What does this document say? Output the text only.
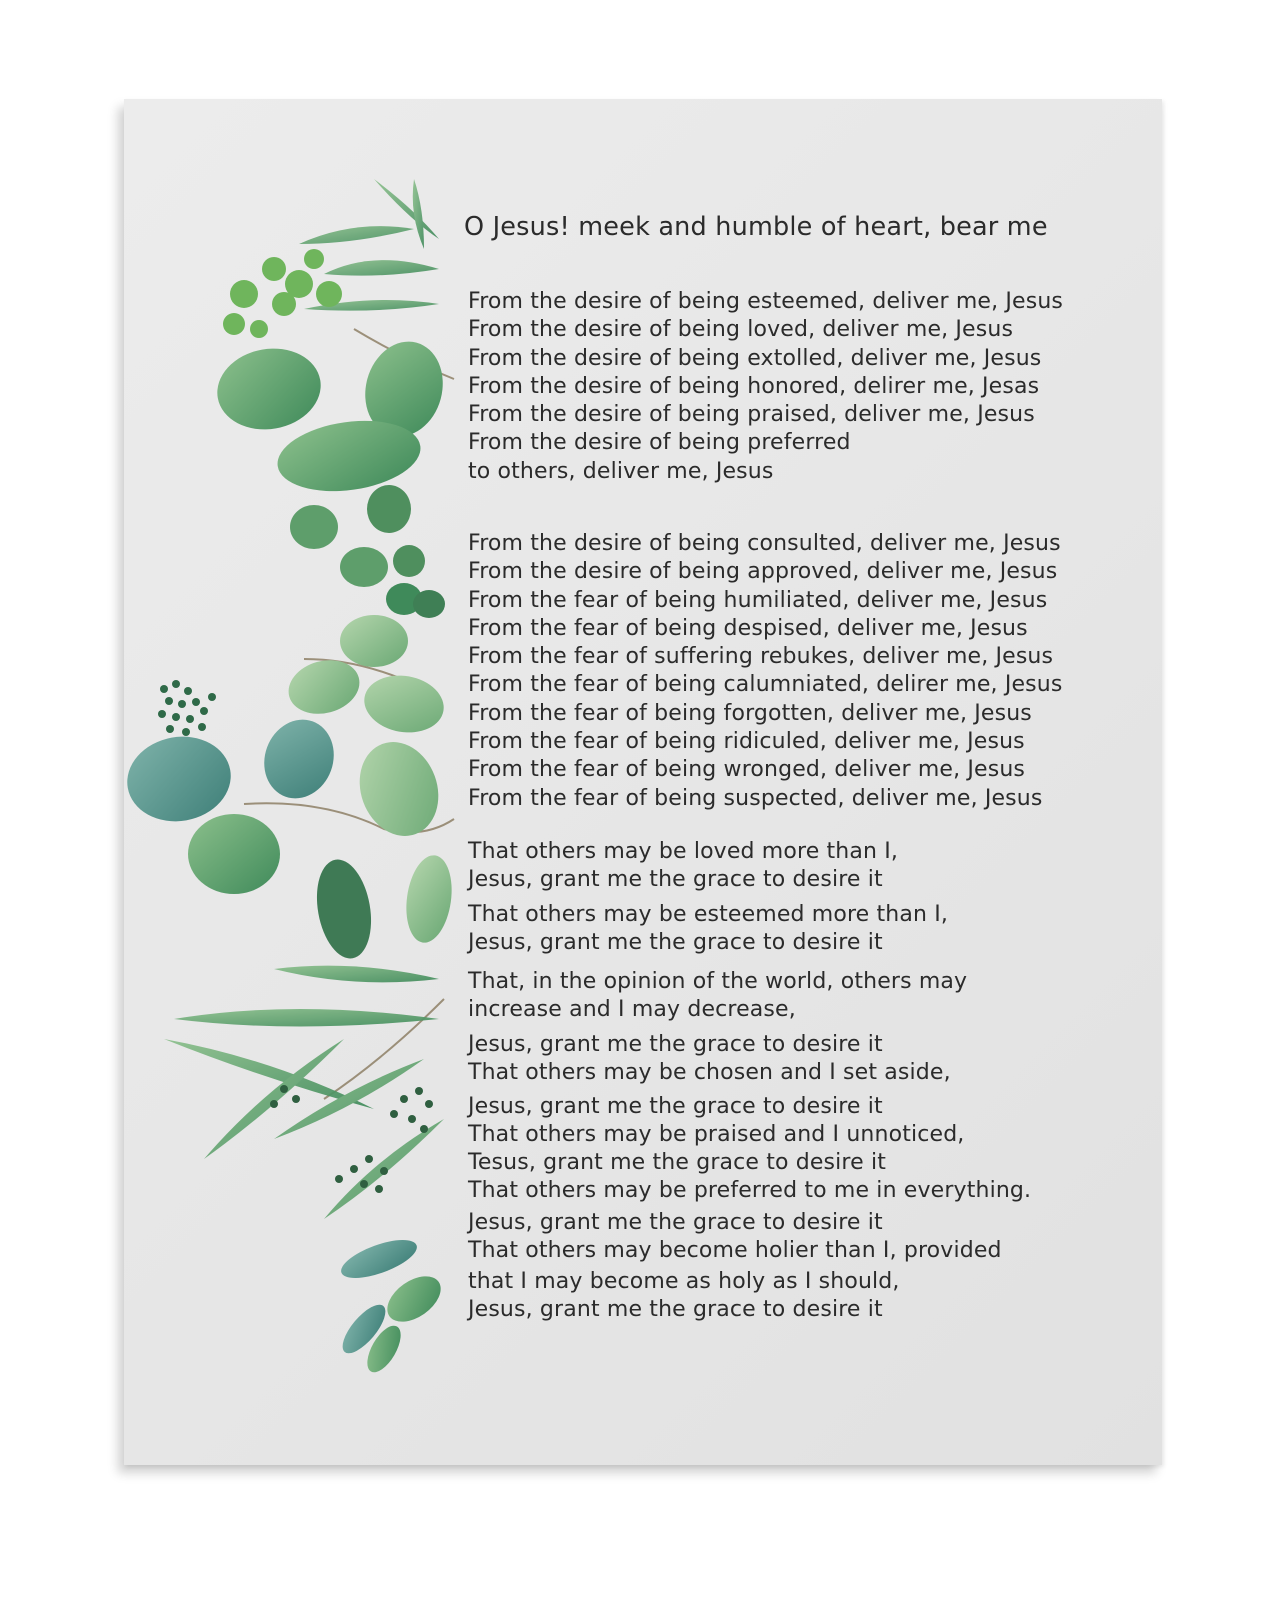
O Jesus! meek and humble of heart, bear me
From the desire of being esteemed, deliver me, Jesus
From the desire of being loved, deliver me, Jesus
From the desire of being extolled, deliver me, Jesus
From the desire of being honored, delirer me, Jesas
From the desire of being praised, deliver me, Jesus
From the desire of being preferred
to others, deliver me, Jesus
From the desire of being consulted, deliver me, Jesus
From the desire of being approved, deliver me, Jesus
From the fear of being humiliated, deliver me, Jesus
From the fear of being despised, deliver me, Jesus
From the fear of suffering rebukes, deliver me, Jesus
From the fear of being calumniated, delirer me, Jesus
From the fear of being forgotten, deliver me, Jesus
From the fear of being ridiculed, deliver me, Jesus
From the fear of being wronged, deliver me, Jesus
From the fear of being suspected, deliver me, Jesus
That others may be loved more than I,
Jesus, grant me the grace to desire it
That others may be esteemed more than I,
Jesus, grant me the grace to desire it
That, in the opinion of the world, others may
increase and I may decrease,
Jesus, grant me the grace to desire it
That others may be chosen and I set aside,
Jesus, grant me the grace to desire it
That others may be praised and I unnoticed,
Tesus, grant me the grace to desire it
That others may be preferred to me in everything.
Jesus, grant me the grace to desire it
That others may become holier than I, provided
that I may become as holy as I should,
Jesus, grant me the grace to desire it
